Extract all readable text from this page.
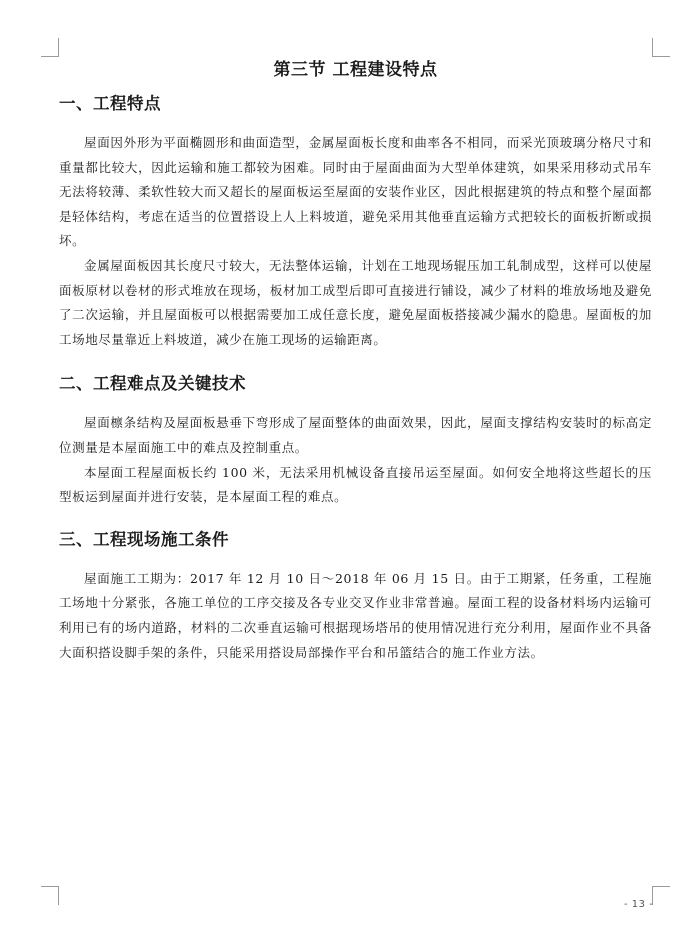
第三节 工程建设特点
一、工程特点

屋面因外形为平面椭圆形和曲面造型，金属屋面板长度和曲率各不相同，而采光顶玻璃分格尺寸和重量都比较大，因此运输和施工都较为困难。同时由于屋面曲面为大型单体建筑，如果采用移动式吊车无法将较薄、柔软性较大而又超长的屋面板运至屋面的安装作业区，因此根据建筑的特点和整个屋面都是轻体结构，考虑在适当的位置搭设上人上料坡道，避免采用其他垂直运输方式把较长的面板折断或损坏。

金属屋面板因其长度尺寸较大，无法整体运输，计划在工地现场辊压加工轧制成型，这样可以使屋面板原材以卷材的形式堆放在现场，板材加工成型后即可直接进行铺设，减少了材料的堆放场地及避免了二次运输，并且屋面板可以根据需要加工成任意长度，避免屋面板搭接减少漏水的隐患。屋面板的加工场地尽量靠近上料坡道，减少在施工现场的运输距离。

二、工程难点及关键技术

屋面檩条结构及屋面板悬垂下弯形成了屋面整体的曲面效果，因此，屋面支撑结构安装时的标高定位测量是本屋面施工中的难点及控制重点。

本屋面工程屋面板长约 100 米，无法采用机械设备直接吊运至屋面。如何安全地将这些超长的压型板运到屋面并进行安装，是本屋面工程的难点。

三、工程现场施工条件

屋面施工工期为：2017 年 12 月 10 日～2018 年 06 月 15 日。由于工期紧，任务重，工程施工场地十分紧张，各施工单位的工序交接及各专业交叉作业非常普遍。屋面工程的设备材料场内运输可利用已有的场内道路，材料的二次垂直运输可根据现场塔吊的使用情况进行充分利用，屋面作业不具备大面积搭设脚手架的条件，只能采用搭设局部操作平台和吊篮结合的施工作业方法。

- 13 -
